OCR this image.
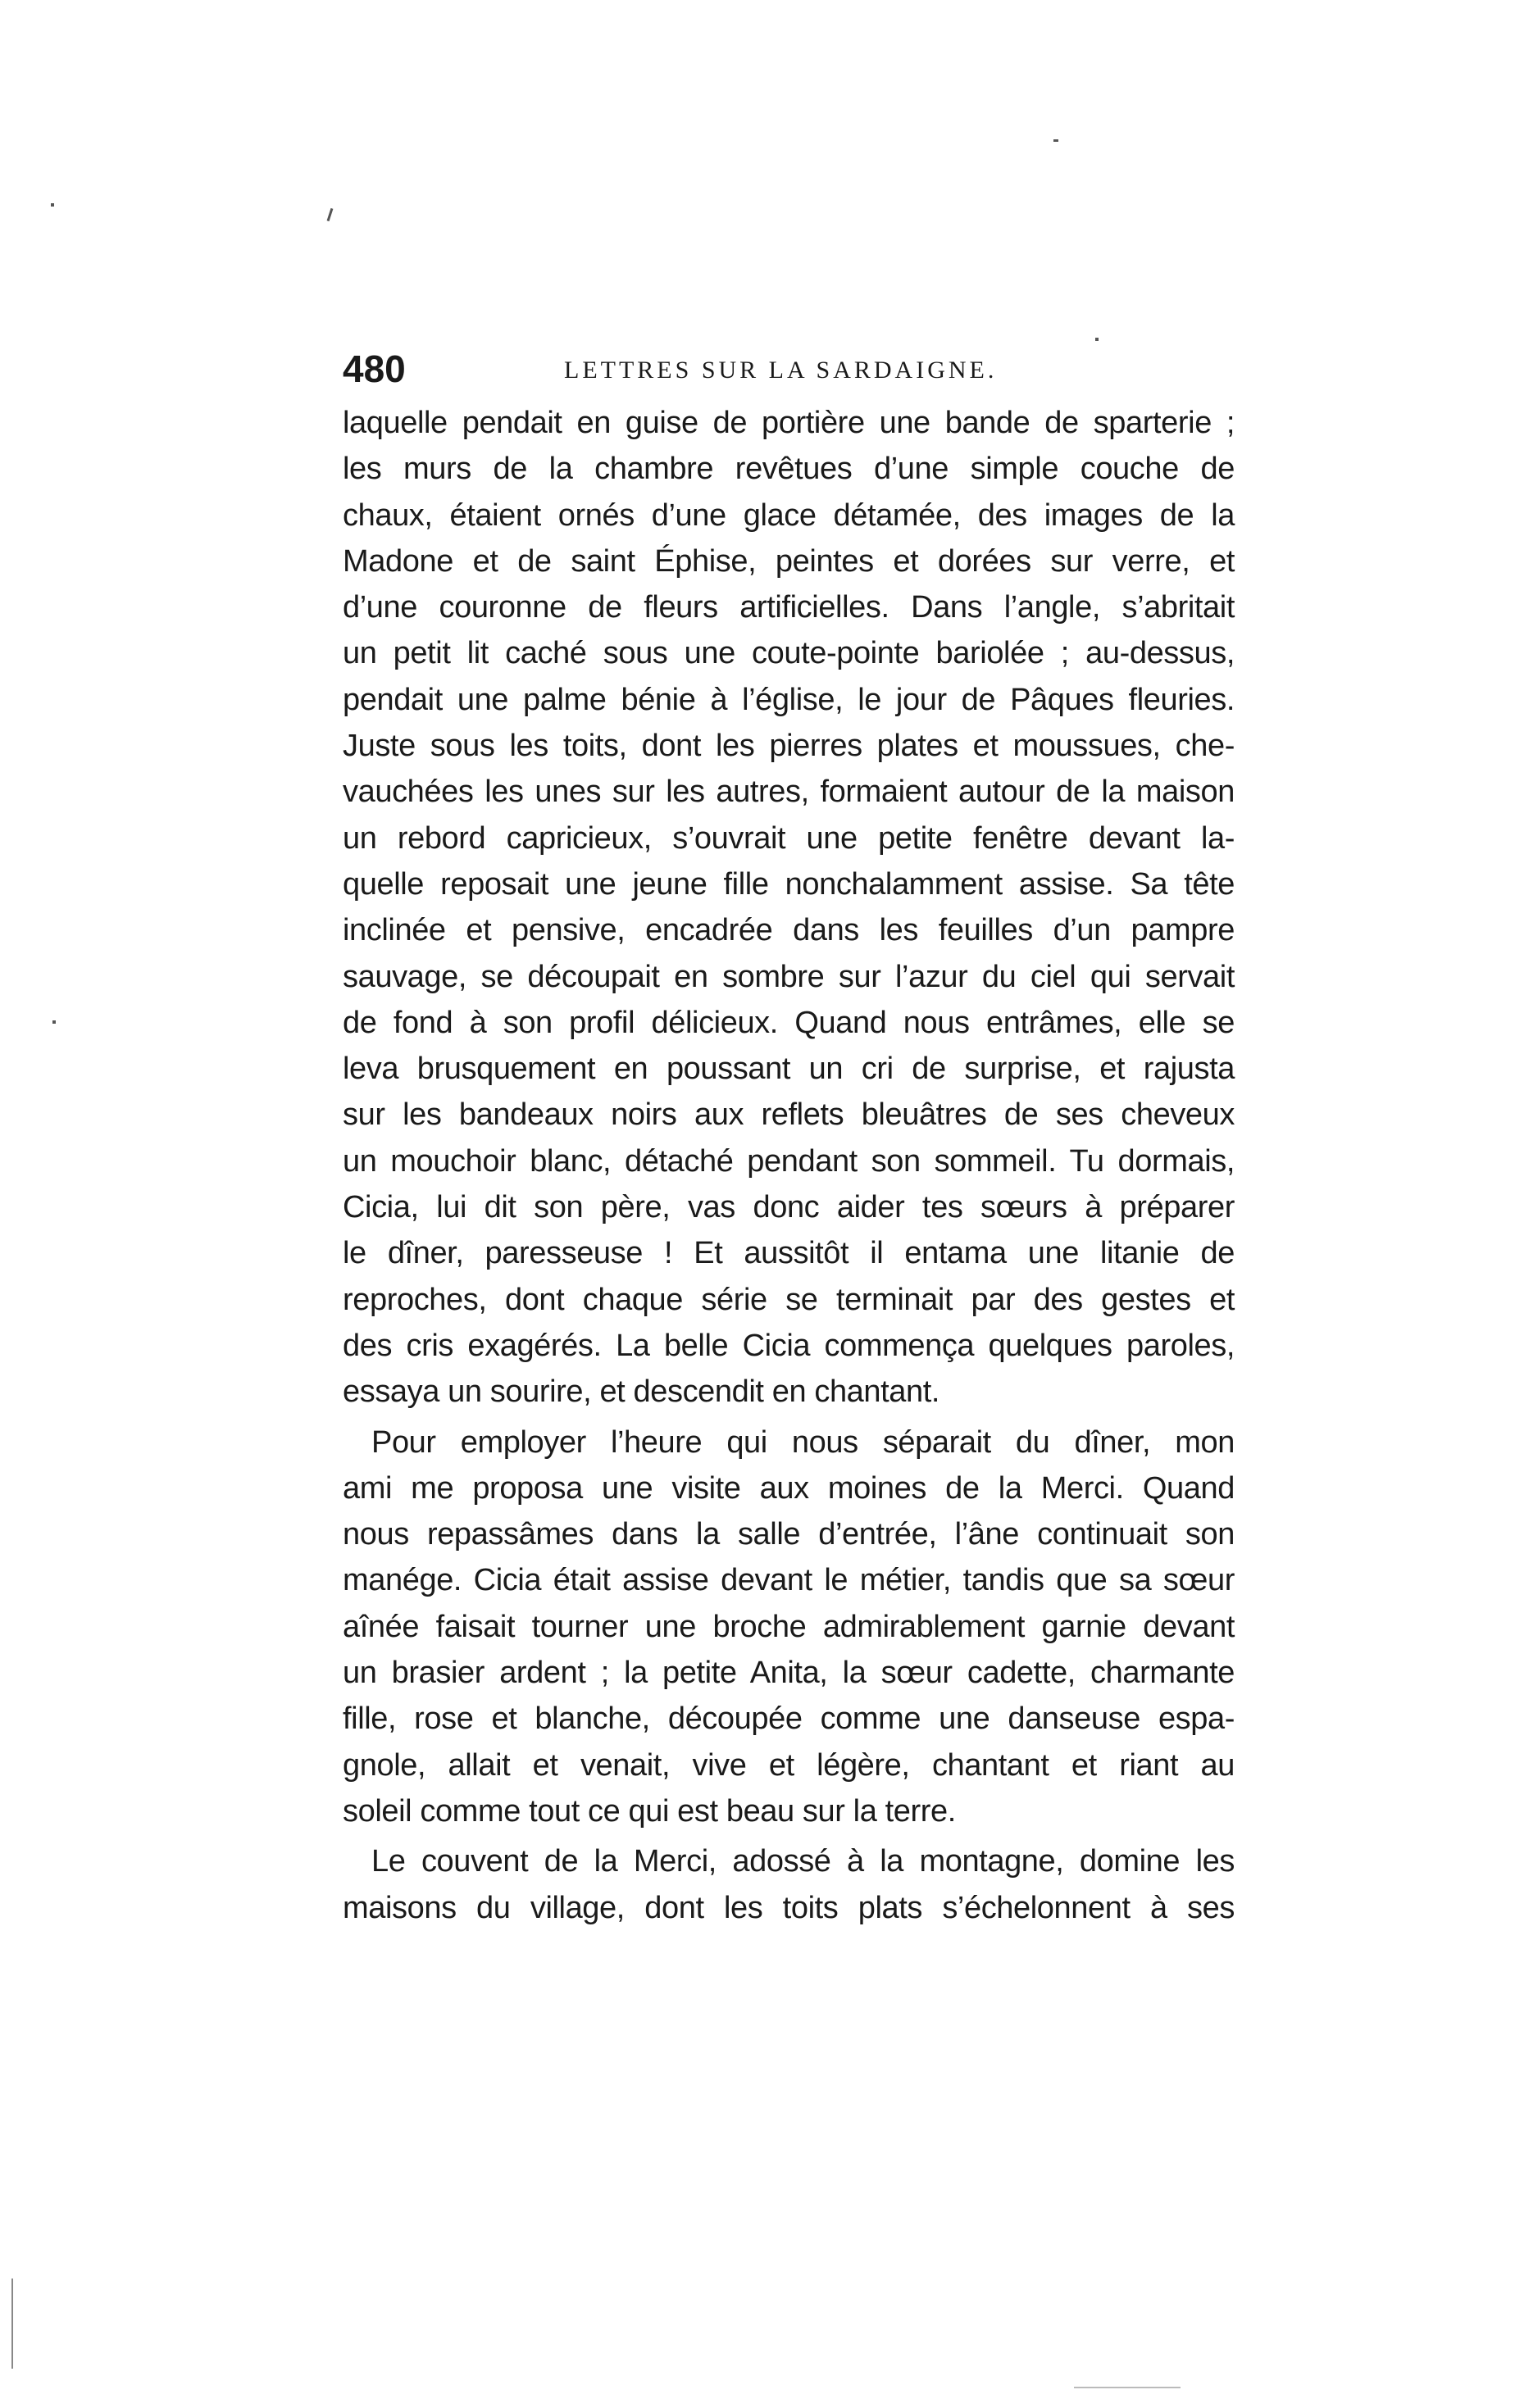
480	LETTRES SUR LA SARDAIGNE.
laquelle pendait en guise de portière une bande de sparterie ;
les murs de la chambre revêtues d’une simple couche de
chaux, étaient ornés d’une glace détamée, des images de la
Madone et de saint Éphise, peintes et dorées sur verre, et
d’une couronne de fleurs artificielles. Dans l’angle, s’abritait
un petit lit caché sous une coute-pointe bariolée ; au-dessus,
pendait une palme bénie à l’église, le jour de Pâques fleuries.
Juste sous les toits, dont les pierres plates et moussues, che-
vauchées les unes sur les autres, formaient autour de la maison
un rebord capricieux, s’ouvrait une petite fenêtre devant la-
quelle reposait une jeune fille nonchalamment assise. Sa tête
inclinée et pensive, encadrée dans les feuilles d’un pampre
sauvage, se découpait en sombre sur l’azur du ciel qui servait
de fond à son profil délicieux. Quand nous entrâmes, elle se
leva brusquement en poussant un cri de surprise, et rajusta
sur les bandeaux noirs aux reflets bleuâtres de ses cheveux
un mouchoir blanc, détaché pendant son sommeil. Tu dormais,
Cicia, lui dit son père, vas donc aider tes sœurs à préparer
le dîner, paresseuse ! Et aussitôt il entama une litanie de
reproches, dont chaque série se terminait par des gestes et
des cris exagérés. La belle Cicia commença quelques paroles,
essaya un sourire, et descendit en chantant.
Pour employer l’heure qui nous séparait du dîner, mon
ami me proposa une visite aux moines de la Merci. Quand
nous repassâmes dans la salle d’entrée, l’âne continuait son
manége. Cicia était assise devant le métier, tandis que sa sœur
aînée faisait tourner une broche admirablement garnie devant
un brasier ardent ; la petite Anita, la sœur cadette, charmante
fille, rose et blanche, découpée comme une danseuse espa-
gnole, allait et venait, vive et légère, chantant et riant au
soleil comme tout ce qui est beau sur la terre.
Le couvent de la Merci, adossé à la montagne, domine les
maisons du village, dont les toits plats s’échelonnent à ses
